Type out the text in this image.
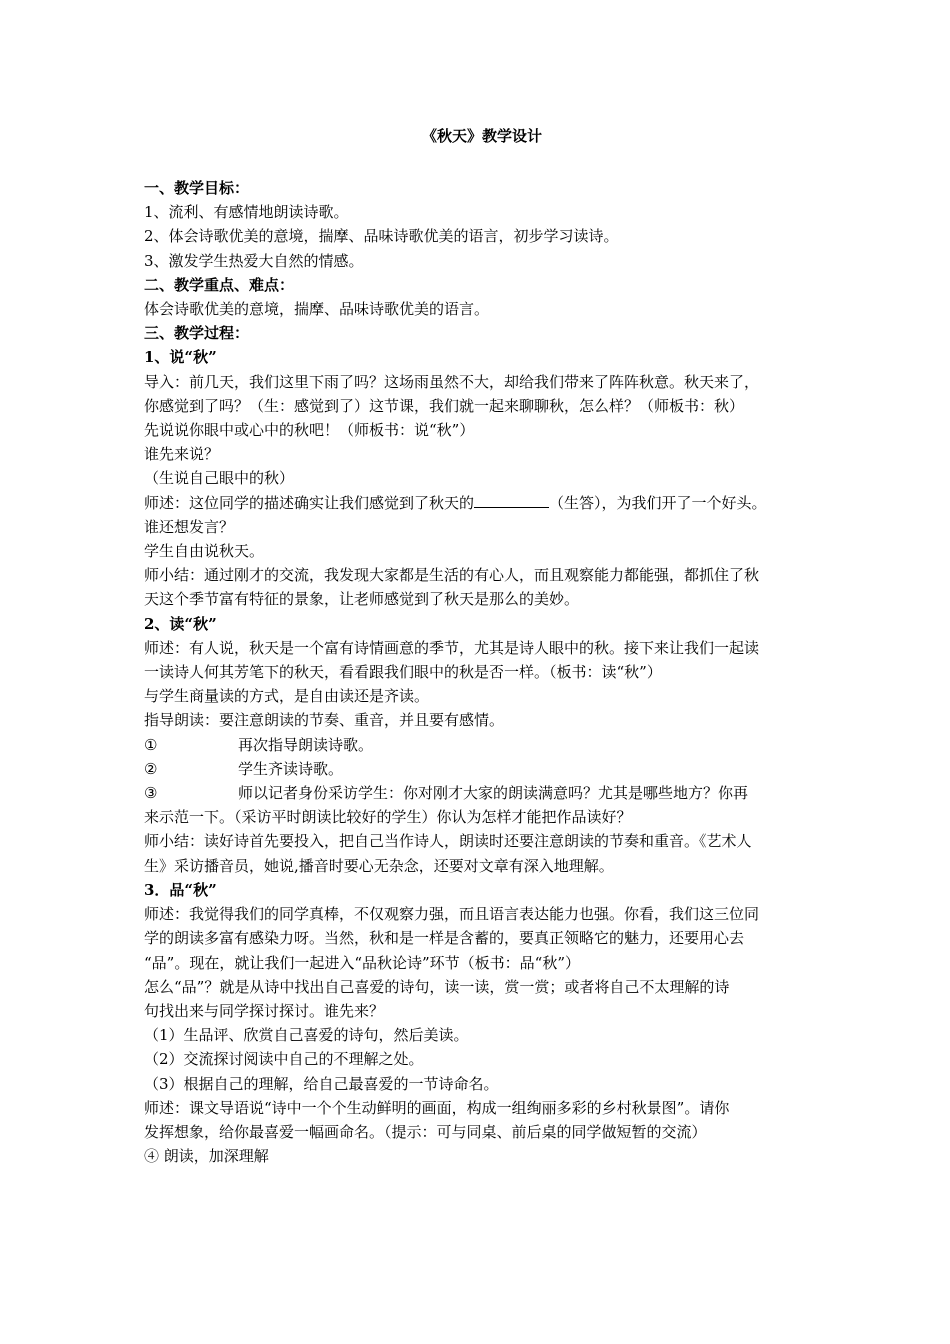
《秋天》教学设计
一、教学目标：
1、流利、有感情地朗读诗歌。
2、体会诗歌优美的意境，揣摩、品味诗歌优美的语言，初步学习读诗。
3、激发学生热爱大自然的情感。
二、教学重点、难点：
体会诗歌优美的意境，揣摩、品味诗歌优美的语言。
三、教学过程：
1、说“秋”
导入：前几天，我们这里下雨了吗？这场雨虽然不大，却给我们带来了阵阵秋意。秋天来了，
你感觉到了吗？（生：感觉到了）这节课，我们就一起来聊聊秋，怎么样？（师板书：秋）
先说说你眼中或心中的秋吧！（师板书：说“秋”）
谁先来说？
（生说自己眼中的秋）
师述：这位同学的描述确实让我们感觉到了秋天的	（生答），为我们开了一个好头。
谁还想发言？
学生自由说秋天。
师小结：通过刚才的交流，我发现大家都是生活的有心人，而且观察能力都能强，都抓住了秋
天这个季节富有特征的景象，让老师感觉到了秋天是那么的美妙。
2、读“秋”
师述：有人说，秋天是一个富有诗情画意的季节，尤其是诗人眼中的秋。接下来让我们一起读
一读诗人何其芳笔下的秋天，看看跟我们眼中的秋是否一样。（板书：读“秋”）
与学生商量读的方式，是自由读还是齐读。
指导朗读：要注意朗读的节奏、重音，并且要有感情。
①	再次指导朗读诗歌。
②	学生齐读诗歌。
③	师以记者身份采访学生：你对刚才大家的朗读满意吗？尤其是哪些地方？你再
来示范一下。（采访平时朗读比较好的学生）你认为怎样才能把作品读好？
师小结：读好诗首先要投入，把自己当作诗人，朗读时还要注意朗读的节奏和重音。《艺术人
生》采访播音员，她说,播音时要心无杂念，还要对文章有深入地理解。
3．品“秋”
师述：我觉得我们的同学真棒，不仅观察力强，而且语言表达能力也强。你看，我们这三位同
学的朗读多富有感染力呀。当然，秋和是一样是含蓄的，要真正领略它的魅力，还要用心去
“品”。现在，就让我们一起进入“品秋论诗”环节（板书：品“秋”）
怎么“品”？就是从诗中找出自己喜爱的诗句，读一读，赏一赏；或者将自己不太理解的诗
句找出来与同学探讨探讨。谁先来？
（1）生品评、欣赏自己喜爱的诗句，然后美读。
（2）交流探讨阅读中自己的不理解之处。
（3）根据自己的理解，给自己最喜爱的一节诗命名。
师述：课文导语说“诗中一个个生动鲜明的画面，构成一组绚丽多彩的乡村秋景图”。请你
发挥想象，给你最喜爱一幅画命名。（提示：可与同桌、前后桌的同学做短暂的交流）
④ 朗读，加深理解
